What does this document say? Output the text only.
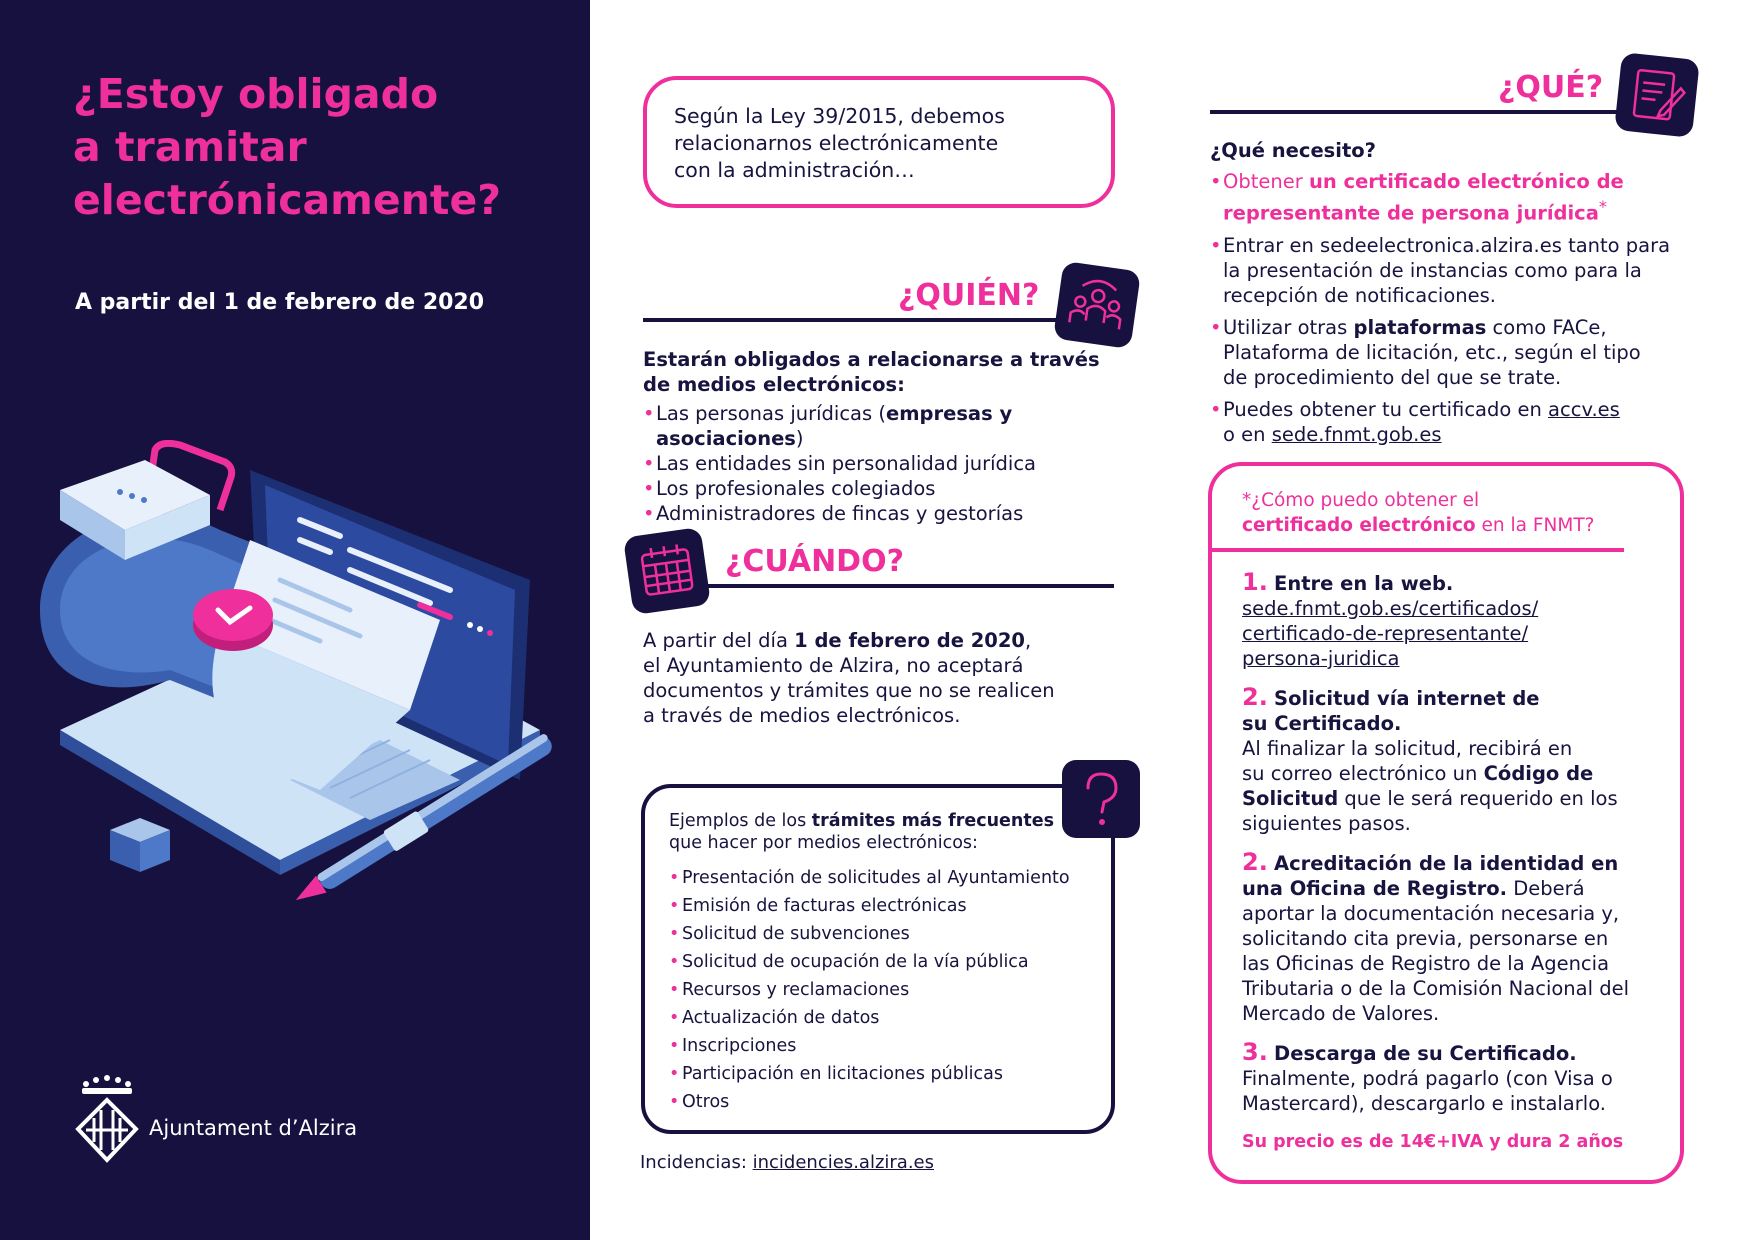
¿Estoy obligado
a tramitar
electrónicamente?

A partir del 1 de febrero de 2020

Ajuntament d’Alzira
Según la Ley 39/2015, debemos
relacionarnos electrónicamente
con la administración…
¿QUIÉN?
Estarán obligados a relacionarse a través
de medios electrónicos:
• Las personas jurídicas (empresas y asociaciones)
• Las entidades sin personalidad jurídica
• Los profesionales colegiados
• Administradores de fincas y gestorías
¿CUÁNDO?
A partir del día 1 de febrero de 2020,
el Ayuntamiento de Alzira, no aceptará
documentos y trámites que no se realicen
a través de medios electrónicos.
Ejemplos de los trámites más frecuentes
que hacer por medios electrónicos:
• Presentación de solicitudes al Ayuntamiento
• Emisión de facturas electrónicas
• Solicitud de subvenciones
• Solicitud de ocupación de la vía pública
• Recursos y reclamaciones
• Actualización de datos
• Inscripciones
• Participación en licitaciones públicas
• Otros
Incidencias: incidencies.alzira.es
¿QUÉ?
¿Qué necesito?
• Obtener un certificado electrónico de representante de persona jurídica*
• Entrar en sedeelectronica.alzira.es tanto para
la presentación de instancias como para la
recepción de notificaciones.
• Utilizar otras plataformas como FACe,
Plataforma de licitación, etc., según el tipo
de procedimiento del que se trate.
• Puedes obtener tu certificado en accv.es
o en sede.fnmt.gob.es
*¿Cómo puedo obtener el
certificado electrónico en la FNMT?
1. Entre en la web.
sede.fnmt.gob.es/certificados/
certificado-de-representante/
persona-juridica
2. Solicitud vía internet de
su Certificado.
Al finalizar la solicitud, recibirá en
su correo electrónico un Código de
Solicitud que le será requerido en los
siguientes pasos.
2. Acreditación de la identidad en
una Oficina de Registro. Deberá
aportar la documentación necesaria y,
solicitando cita previa, personarse en
las Oficinas de Registro de la Agencia
Tributaria o de la Comisión Nacional del
Mercado de Valores.
3. Descarga de su Certificado.
Finalmente, podrá pagarlo (con Visa o
Mastercard), descargarlo e instalarlo.
Su precio es de 14€+IVA y dura 2 años
